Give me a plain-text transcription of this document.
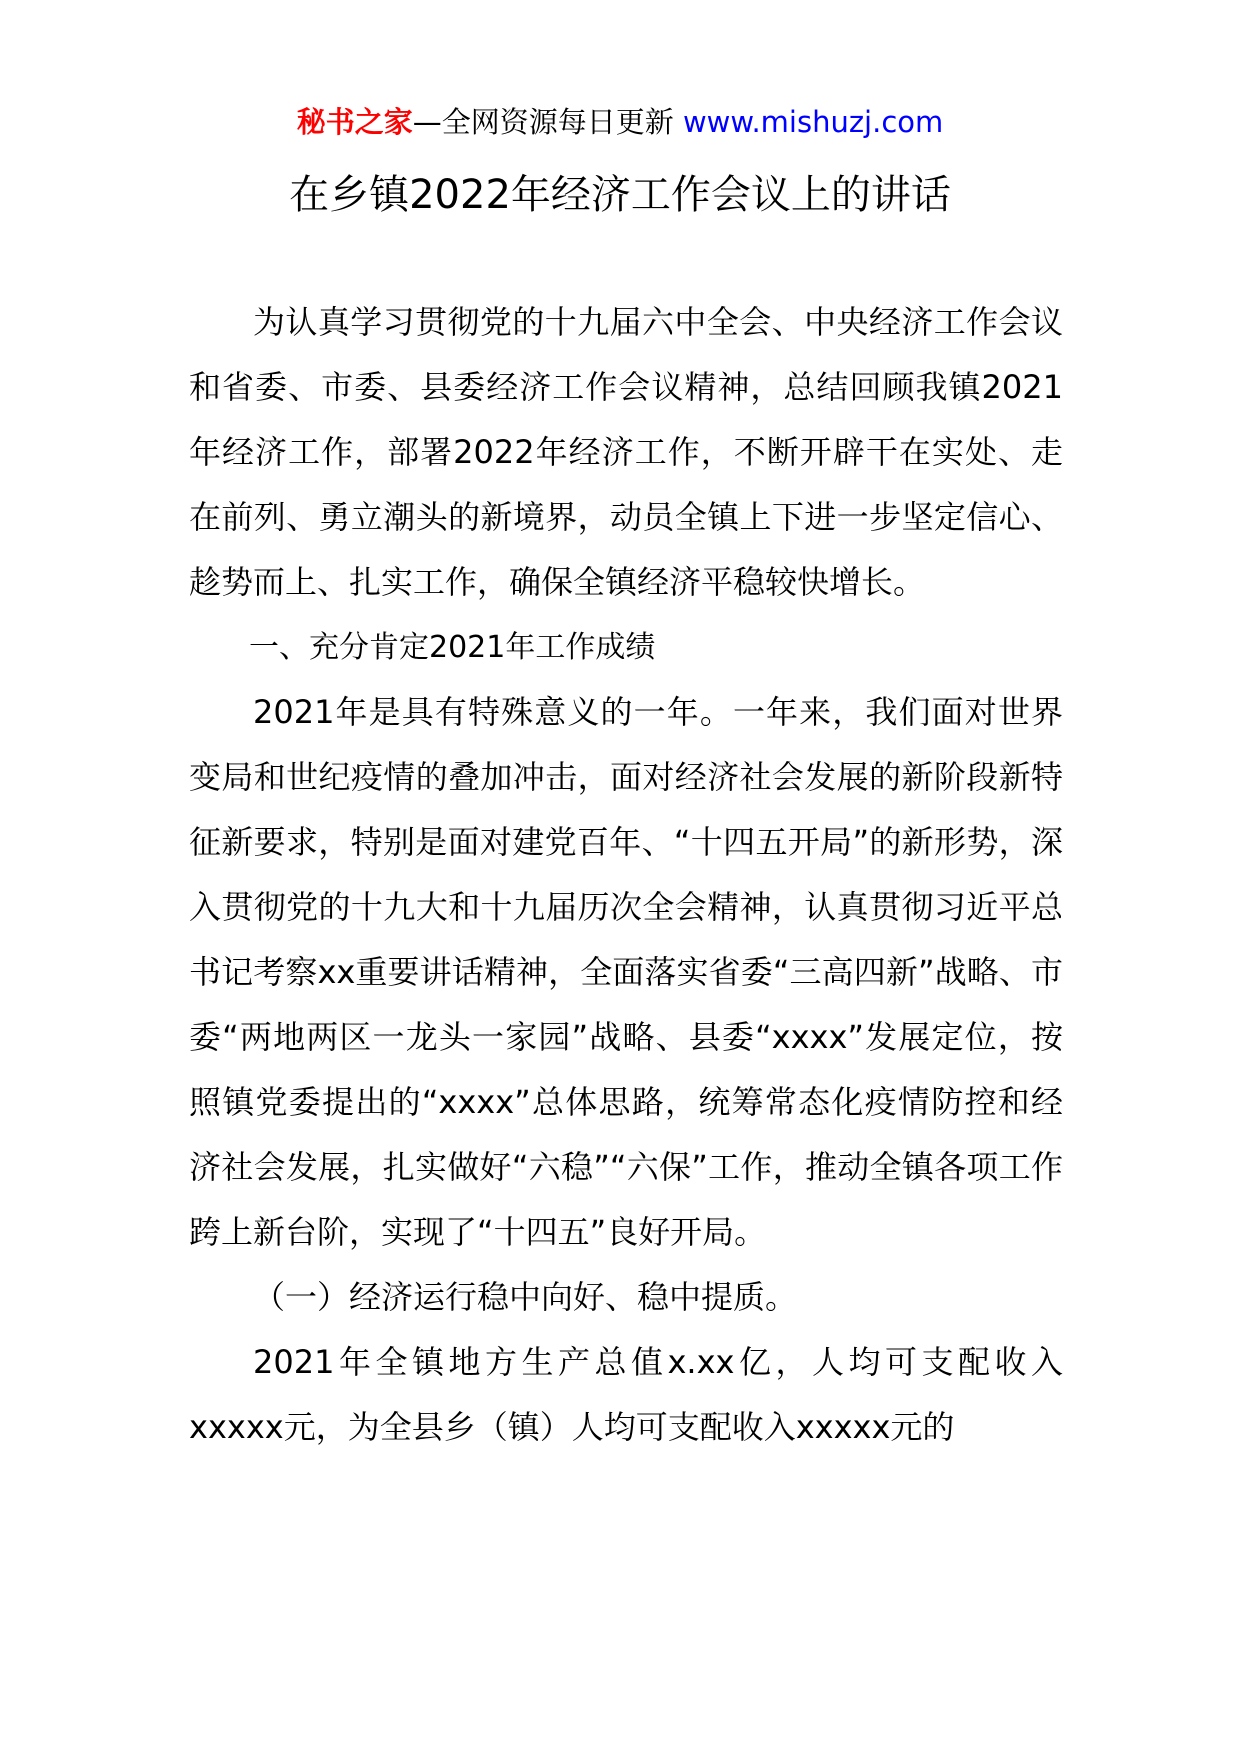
秘书之家—全网资源每日更新 www.mishuzj.com
在乡镇2022年经济工作会议上的讲话

为认真学习贯彻党的十九届六中全会、中央经济工作会议和省委、市委、县委经济工作会议精神，总结回顾我镇2021年经济工作，部署2022年经济工作，不断开辟干在实处、走在前列、勇立潮头的新境界，动员全镇上下进一步坚定信心、趁势而上、扎实工作，确保全镇经济平稳较快增长。

一、充分肯定2021年工作成绩

2021年是具有特殊意义的一年。一年来，我们面对世界变局和世纪疫情的叠加冲击，面对经济社会发展的新阶段新特征新要求，特别是面对建党百年、“十四五开局”的新形势，深入贯彻党的十九大和十九届历次全会精神，认真贯彻习近平总书记考察xx重要讲话精神，全面落实省委“三高四新”战略、市委“两地两区一龙头一家园”战略、县委“xxxx”发展定位，按照镇党委提出的“xxxx”总体思路，统筹常态化疫情防控和经济社会发展，扎实做好“六稳”“六保”工作，推动全镇各项工作跨上新台阶，实现了“十四五”良好开局。

（一）经济运行稳中向好、稳中提质。

2021年全镇地方生产总值x.xx亿，人均可支配收入xxxxx元，为全县乡（镇）人均可支配收入xxxxx元的
